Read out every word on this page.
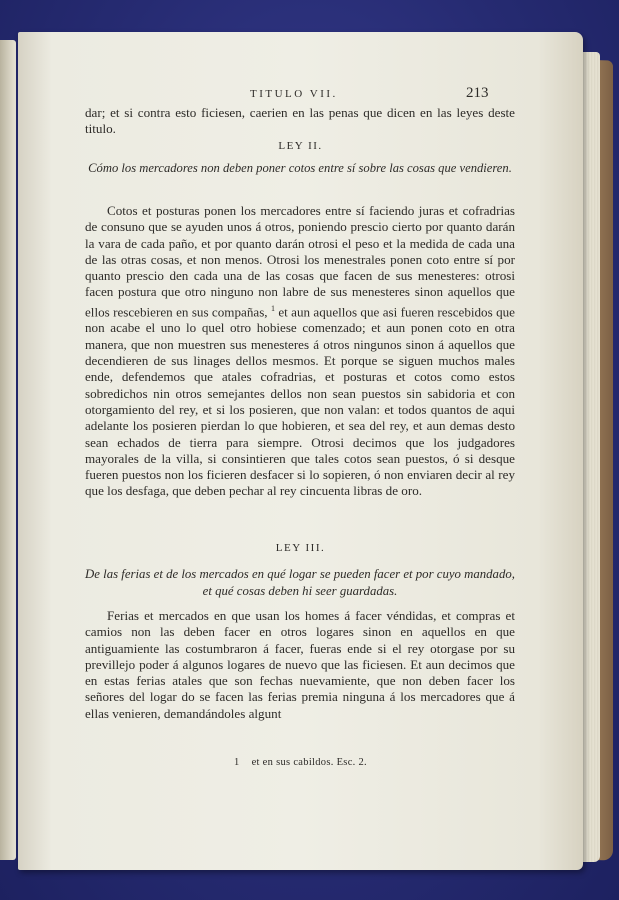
TITULO VII.	213
dar; et si contra esto ficiesen, caerien en las penas que dicen en las leyes deste titulo.
LEY II.
Cómo los mercadores non deben poner cotos entre sí sobre las cosas que vendieren.
Cotos et posturas ponen los mercadores entre sí faciendo juras et cofradrias de consuno que se ayuden unos á otros, poniendo prescio cierto por quanto darán la vara de cada paño, et por quanto darán otrosi el peso et la medida de cada una de las otras cosas, et non menos. Otrosi los menestrales ponen coto entre sí por quanto prescio den cada una de las cosas que facen de sus menesteres: otrosi facen postura que otro ninguno non labre de sus menesteres sinon aquellos que ellos rescebieren en sus compañas, $^1$ et aun aquellos que asi fueren rescebidos que non acabe el uno lo quel otro hobiese comenzado; et aun ponen coto en otra manera, que non muestren sus menesteres á otros ningunos sinon á aquellos que decendieren de sus linages dellos mesmos. Et porque se siguen muchos males ende, defendemos que atales cofradrias, et posturas et cotos como estos sobredichos nin otros semejantes dellos non sean puestos sin sabidoria et con otorgamiento del rey, et si los posieren, que non valan: et todos quantos de aqui adelante los posieren pierdan lo que hobieren, et sea del rey, et aun demas desto sean echados de tierra para siempre. Otrosi decimos que los judgadores mayorales de la villa, si consintieren que tales cotos sean puestos, ó si desque fueren puestos non los ficieren desfacer si lo sopieren, ó non enviaren decir al rey que los desfaga, que deben pechar al rey cincuenta libras de oro.
LEY III.
De las ferias et de los mercados en qué logar se pueden facer et por cuyo mandado, et qué cosas deben hi seer guardadas.
Ferias et mercados en que usan los homes á facer véndidas, et compras et camios non las deben facer en otros logares sinon en aquellos en que antiguamiente las costumbraron á facer, fueras ende si el rey otorgase por su previllejo poder á algunos logares de nuevo que las ficiesen. Et aun decimos que en estas ferias atales que son fechas nuevamiente, que non deben facer los señores del logar do se facen las ferias premia ninguna á los mercadores que á ellas venieren, demandándoles algunt
1 et en sus cabildos. Esc. 2.
